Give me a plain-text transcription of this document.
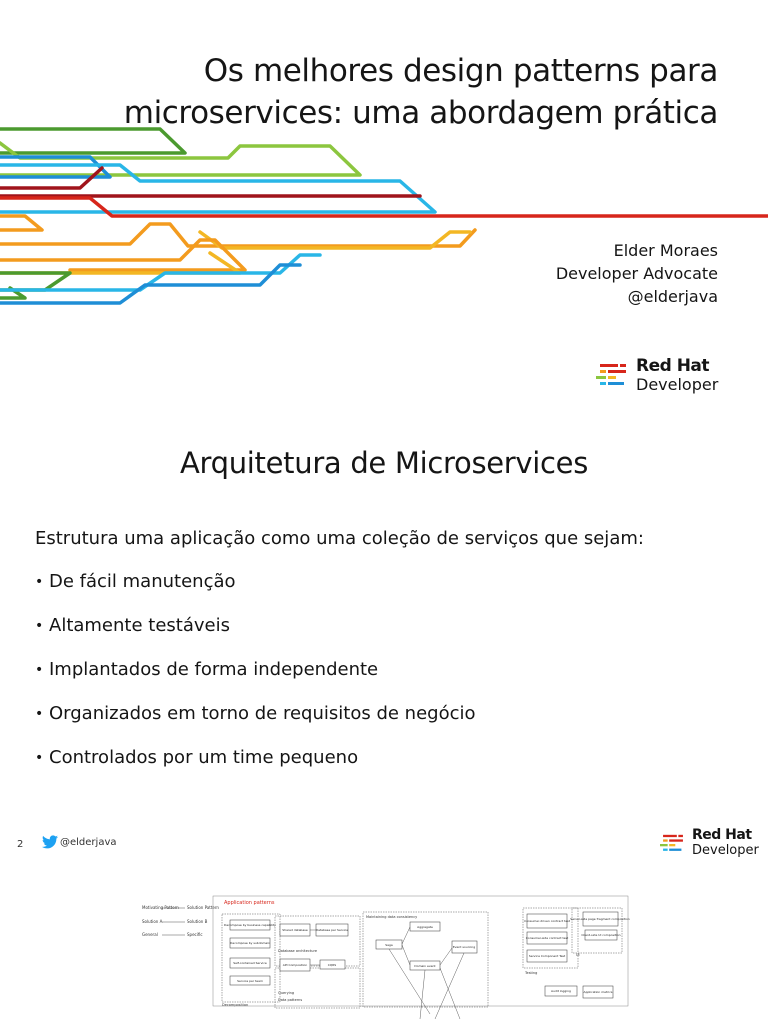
Os melhores design patterns para microservices: uma abordagem prática
Elder Moraes
Developer Advocate
@elderjava
Red Hat
Developer
Arquitetura de Microservices
Estrutura uma aplicação como uma coleção de serviços que sejam:
• De fácil manutenção
• Altamente testáveis
• Implantados de forma independente
• Organizados em torno de requisitos de negócio
• Controlados por um time pequeno
2	@elderjava	Red Hat
Developer
Motivating Pattern Solution Pattern
Solution A	Solution B
General	Specific
Application patterns
Decompose by business capability
Decompose by subdomain
Self-contained Service
Service per team
Shared database	Database per Service
API Composition	CQRS
Saga
Aggregate
Domain event
Event sourcing
Consumer-driven contract test
Consumer-side contract test
Service Component Test
Server-side page fragment composition
Client-side UI composition
Audit logging	Application metrics
Decomposition
Database architecture
Querying
Data patterns
Maintaining data consistency
Testing
UI
